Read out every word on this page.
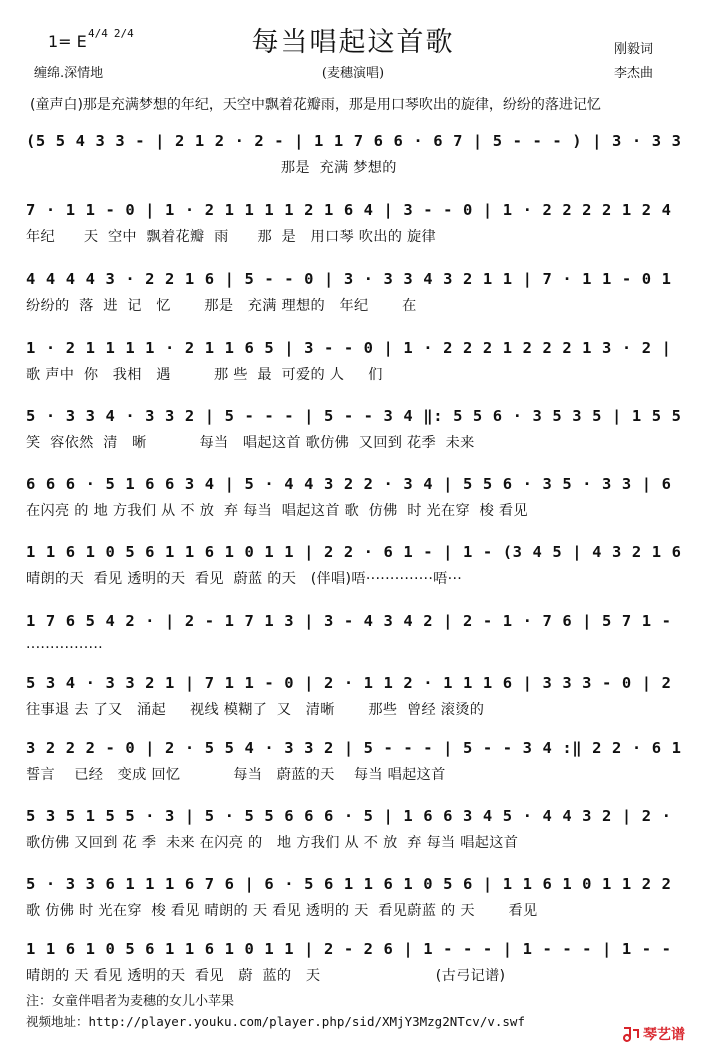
每当唱起这首歌
1= E 4/4 2/4
缠绵.深情地	(麦穗演唱)
刚毅词
李杰曲
(童声白)那是充满梦想的年纪，天空中飘着花瓣雨，那是用口琴吹出的旋律，纷纷的落进记忆
(5 5 4 3 3 - | 2 1 2 · 2 - | 1 1 7 6 6 · 6 7 | 5 - - - ) | 3 · 3 3
那是  充满 梦想的
7 · 1 1 - 0 | 1 · 2 1 1 1 1 2 1 6 4 | 3 - - 0 | 1 · 2 2 2 2 1 2 4
年纪      天  空中  飘着花瓣  雨      那  是   用口琴 吹出的 旋律
4 4 4 4 3 · 2 2 1 6 | 5 - - 0 | 3 · 3 3 4 3 2 1 1 | 7 · 1 1 - 0 1
纷纷的  落  进  记   忆       那是   充满 理想的   年纪       在
1 · 2 1 1 1 1 · 2 1 1 6 5 | 3 - - 0 | 1 · 2 2 2 1 2 2 2 1 3 · 2 |
歌 声中  你   我相   遇         那 些  最  可爱的 人     们
5 · 3 3 4 · 3 3 2 | 5 - - - | 5 - - 3 4 ‖: 5 5 6 · 3 5 3 5 | 1 5 5
笑  容依然  清   晰           每当   唱起这首 歌仿佛  又回到 花季  未来
6 6 6 · 5 1 6 6 3 4 | 5 · 4 4 3 2 2 · 3 4 | 5 5 6 · 3 5 · 3 3 | 6
在闪亮 的 地 方我们 从 不 放  弃 每当  唱起这首 歌  仿佛  时 光在穿  梭 看见
1 1 6 1 0 5 6 1 1 6 1 0 1 1 | 2 2 · 6 1 - | 1 - (3 4 5 | 4 3 2 1 6
晴朗的天  看见 透明的天  看见  蔚蓝 的天   (伴唱)唔··············唔···
1 7 6 5 4 2 · | 2 - 1 7 1 3 | 3 - 4 3 4 2 | 2 - 1 · 7 6 | 5 7 1 -
················
5 3 4 · 3 3 2 1 | 7 1 1 - 0 | 2 · 1 1 2 · 1 1 1 6 | 3 3 3 - 0 | 2
往事退 去 了又   涌起     视线 模糊了  又   清晰       那些  曾经 滚烫的
3 2 2 2 - 0 | 2 · 5 5 4 · 3 3 2 | 5 - - - | 5 - - 3 4 :‖ 2 2 · 6 1
誓言    已经   变成 回忆           每当   蔚蓝的天    每当 唱起这首
5 3 5 1 5 5 · 3 | 5 · 5 5 6 6 6 · 5 | 1 6 6 3 4 5 · 4 4 3 2 | 2 ·
歌仿佛 又回到 花 季  未来 在闪亮 的   地 方我们 从 不 放  弃 每当 唱起这首
5 · 3 3 6 1 1 1 6 7 6 | 6 · 5 6 1 1 6 1 0 5 6 | 1 1 6 1 0 1 1 2 2
歌 仿佛 时 光在穿  梭 看见 晴朗的 天 看见 透明的 天  看见蔚蓝 的 天       看见
1 1 6 1 0 5 6 1 1 6 1 0 1 1 | 2 - 2 6 | 1 - - - | 1 - - - | 1 - -
晴朗的 天 看见 透明的天  看见   蔚  蓝的   天                        (古弓记谱)
注：女童伴唱者为麦穗的女儿小苹果
视频地址：http://player.youku.com/player.php/sid/XMjY3Mzg2NTcv/v.swf
琴艺谱
